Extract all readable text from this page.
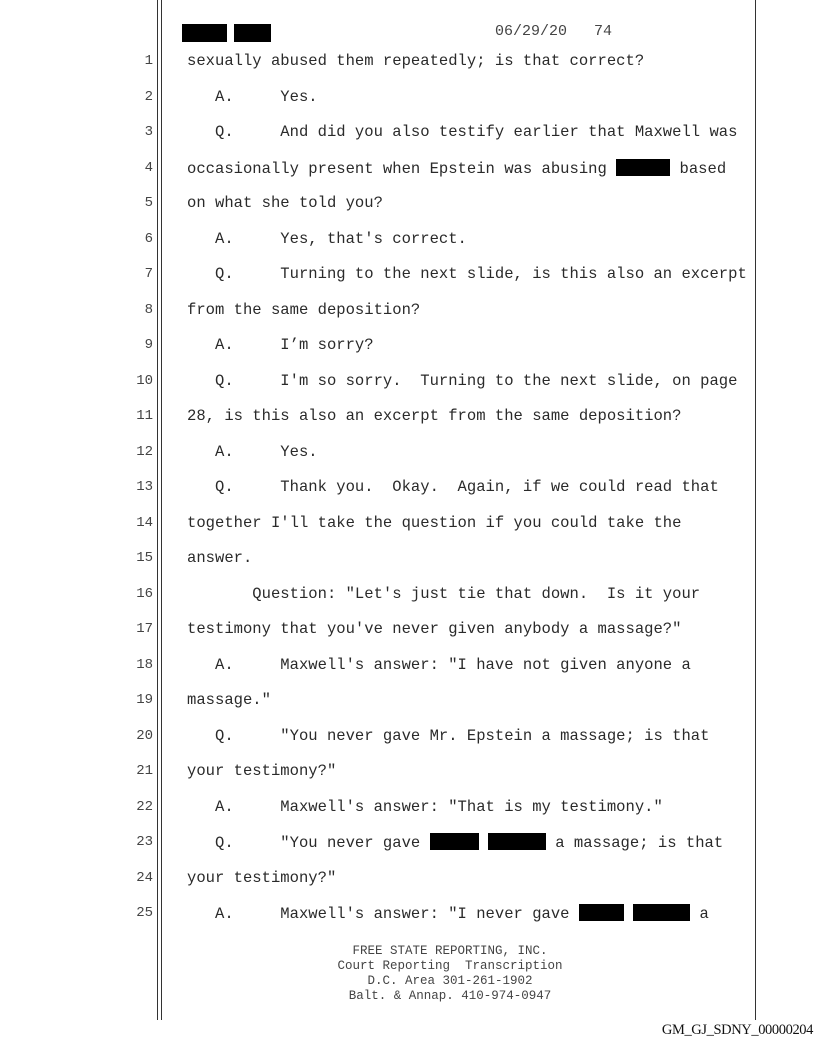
06/29/20 74
1 sexually abused them repeatedly; is that correct?
2 A.     Yes.
3 Q.     And did you also testify earlier that Maxwell was
4 occasionally present when Epstein was abusing	based
5 on what she told you?
6 A.     Yes, that's correct.
7 Q.     Turning to the next slide, is this also an excerpt
8 from the same deposition?
9 A.     I’m sorry?
10 Q.     I'm so sorry.  Turning to the next slide, on page
11 28, is this also an excerpt from the same deposition?
12 A.     Yes.
13 Q.     Thank you.  Okay.  Again, if we could read that
14 together I'll take the question if you could take the
15 answer.
16 Question: "Let's just tie that down.  Is it your
17 testimony that you've never given anybody a massage?"
18 A.     Maxwell's answer: "I have not given anyone a
19 massage."
20 Q.     "You never gave Mr. Epstein a massage; is that
21 your testimony?"
22 A.     Maxwell's answer: "That is my testimony."
23 Q.     "You never gave	a massage; is that
24 your testimony?"
25 A.     Maxwell's answer: "I never gave	a
FREE STATE REPORTING, INC.
Court Reporting  Transcription
D.C. Area 301-261-1902
Balt. & Annap. 410-974-0947
GM_GJ_SDNY_00000204
